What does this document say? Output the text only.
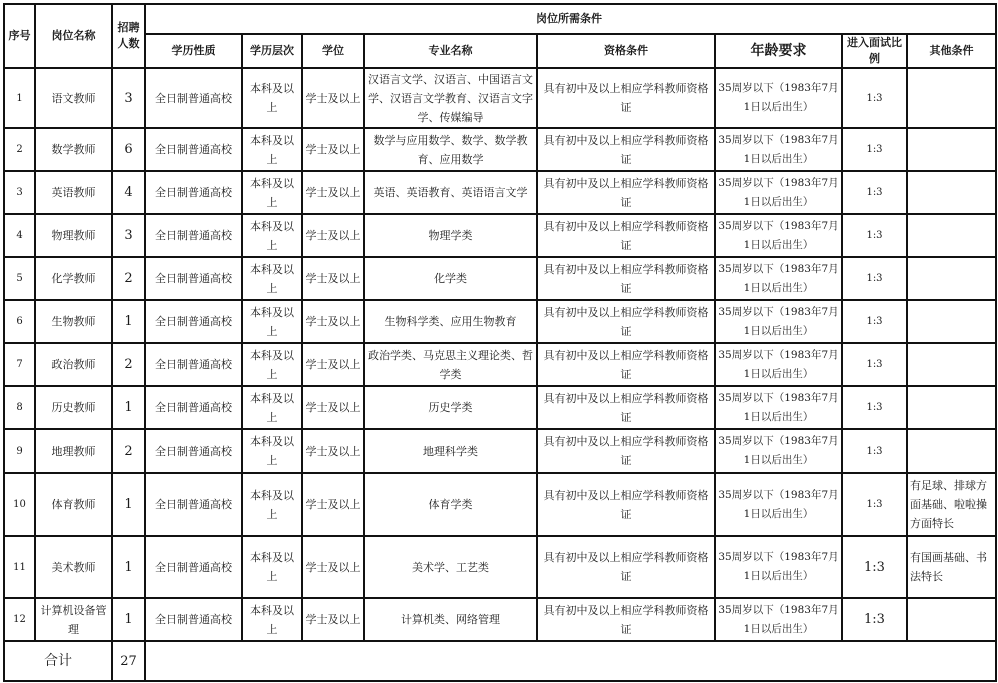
序号	岗位名称	招聘人数	岗位所需条件							
			学历性质	学历层次	学位	专业名称	资格条件	年龄要求	进入面试比例	其他条件
1	语文教师	3	全日制普通高校	本科及以上	学士及以上	汉语言文学、汉语言、中国语言文学、汉语言文学教育、汉语言文字学、传媒编导	具有初中及以上相应学科教师资格证	35周岁以下（1983年7月1日以后出生）	1:3	
2	数学教师	6	全日制普通高校	本科及以上	学士及以上	数学与应用数学、数学、数学教育、应用数学	具有初中及以上相应学科教师资格证	35周岁以下（1983年7月1日以后出生）	1:3	
3	英语教师	4	全日制普通高校	本科及以上	学士及以上	英语、英语教育、英语语言文学	具有初中及以上相应学科教师资格证	35周岁以下（1983年7月1日以后出生）	1:3	
4	物理教师	3	全日制普通高校	本科及以上	学士及以上	物理学类	具有初中及以上相应学科教师资格证	35周岁以下（1983年7月1日以后出生）	1:3	
5	化学教师	2	全日制普通高校	本科及以上	学士及以上	化学类	具有初中及以上相应学科教师资格证	35周岁以下（1983年7月1日以后出生）	1:3	
6	生物教师	1	全日制普通高校	本科及以上	学士及以上	生物科学类、应用生物教育	具有初中及以上相应学科教师资格证	35周岁以下（1983年7月1日以后出生）	1:3	
7	政治教师	2	全日制普通高校	本科及以上	学士及以上	政治学类、马克思主义理论类、哲学类	具有初中及以上相应学科教师资格证	35周岁以下（1983年7月1日以后出生）	1:3	
8	历史教师	1	全日制普通高校	本科及以上	学士及以上	历史学类	具有初中及以上相应学科教师资格证	35周岁以下（1983年7月1日以后出生）	1:3	
9	地理教师	2	全日制普通高校	本科及以上	学士及以上	地理科学类	具有初中及以上相应学科教师资格证	35周岁以下（1983年7月1日以后出生）	1:3	
10	体育教师	1	全日制普通高校	本科及以上	学士及以上	体育学类	具有初中及以上相应学科教师资格证	35周岁以下（1983年7月1日以后出生）	1:3	有足球、排球方面基础、啦啦操方面特长
11	美术教师	1	全日制普通高校	本科及以上	学士及以上	美术学、工艺类	具有初中及以上相应学科教师资格证	35周岁以下（1983年7月1日以后出生）	1:3	有国画基础、书法特长
12	计算机设备管理	1	全日制普通高校	本科及以上	学士及以上	计算机类、网络管理	具有初中及以上相应学科教师资格证	35周岁以下（1983年7月1日以后出生）	1:3	
合计		27								
